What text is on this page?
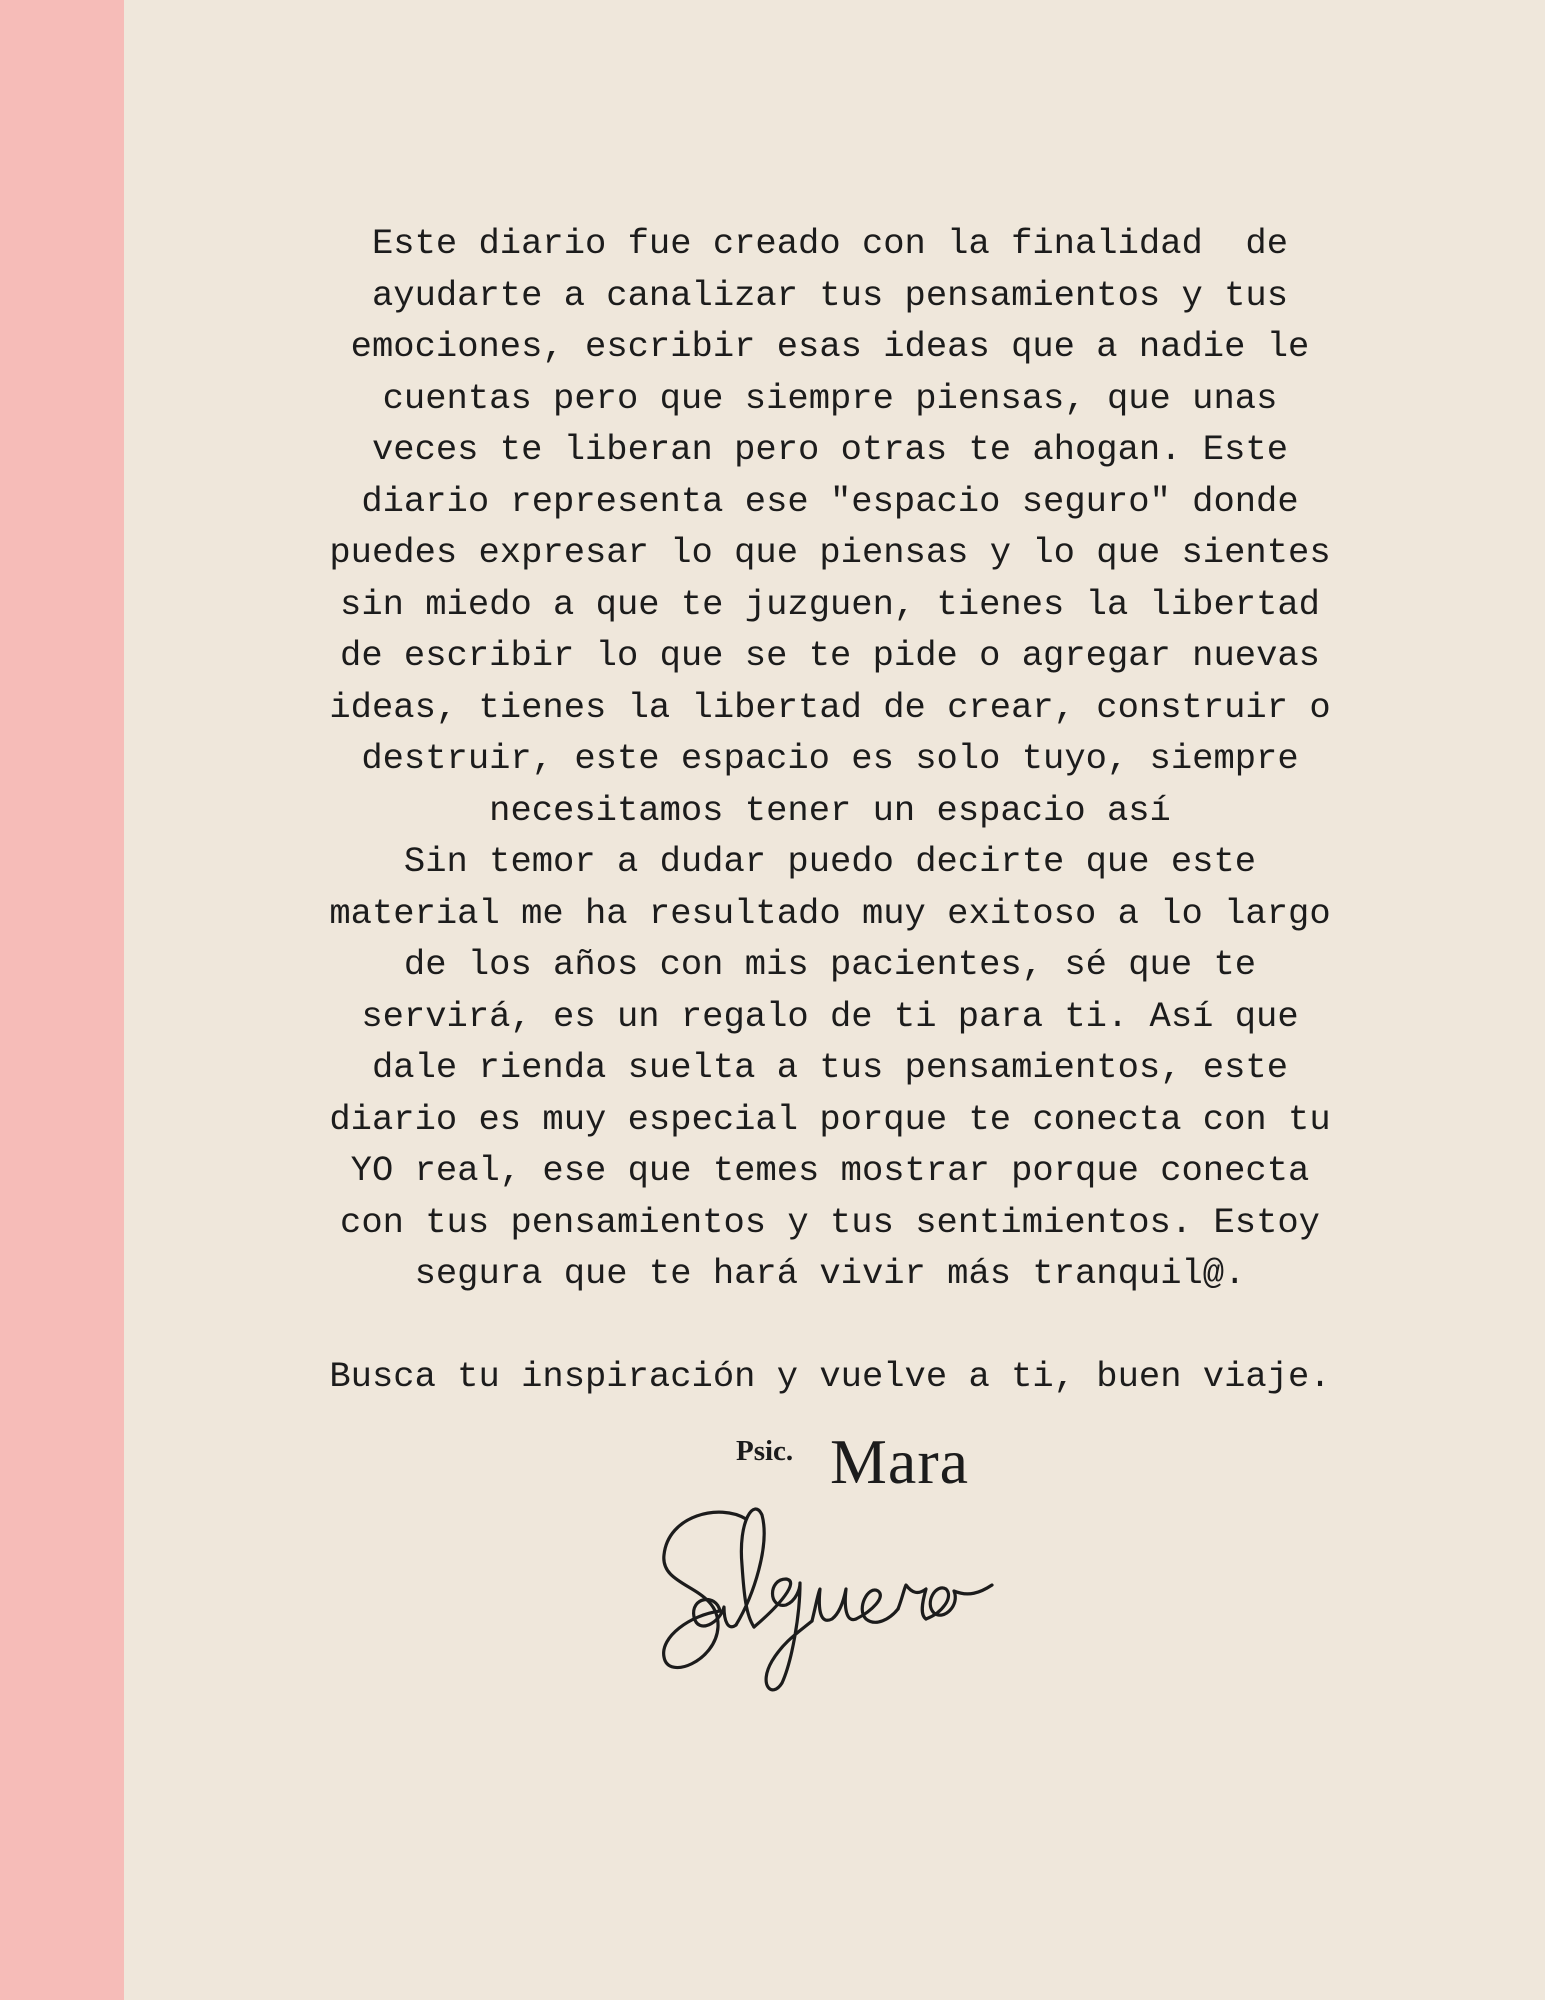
Este diario fue creado con la finalidad  de

ayudarte a canalizar tus pensamientos y tus

emociones, escribir esas ideas que a nadie le

cuentas pero que siempre piensas, que unas

veces te liberan pero otras te ahogan. Este

diario representa ese "espacio seguro" donde

puedes expresar lo que piensas y lo que sientes

sin miedo a que te juzguen, tienes la libertad

de escribir lo que se te pide o agregar nuevas

ideas, tienes la libertad de crear, construir o

destruir, este espacio es solo tuyo, siempre

necesitamos tener un espacio así

Sin temor a dudar puedo decirte que este

material me ha resultado muy exitoso a lo largo

de los años con mis pacientes, sé que te

servirá, es un regalo de ti para ti. Así que

dale rienda suelta a tus pensamientos, este

diario es muy especial porque te conecta con tu

YO real, ese que temes mostrar porque conecta

con tus pensamientos y tus sentimientos. Estoy

segura que te hará vivir más tranquil@.

Busca tu inspiración y vuelve a ti, buen viaje.

Psic. Mara
